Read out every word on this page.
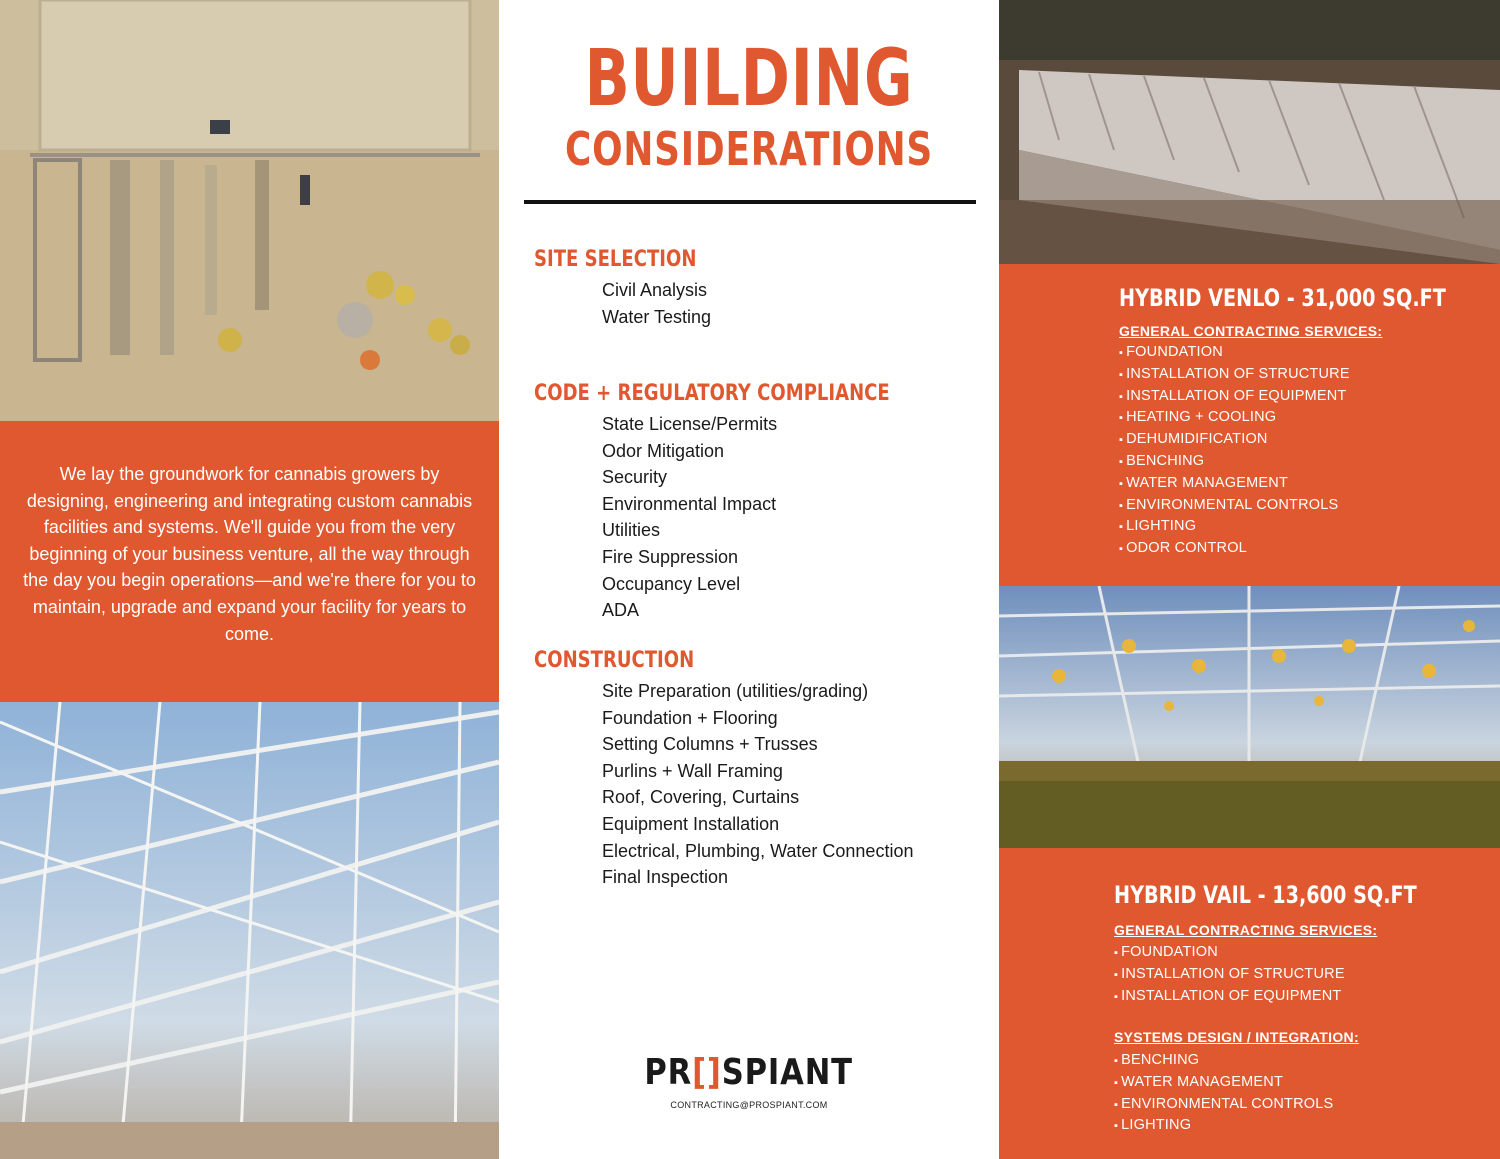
We lay the groundwork for cannabis growers by designing, engineering and integrating custom cannabis facilities and systems. We'll guide you from the very beginning of your business venture, all the way through the day you begin operations—and we're there for you to maintain, upgrade and expand your facility for years to come.

BUILDING
CONSIDERATIONS
SITE SELECTION
Civil Analysis
Water Testing
CODE + REGULATORY COMPLIANCE
State License/Permits
Odor Mitigation
Security
Environmental Impact
Utilities
Fire Suppression
Occupancy Level
ADA
CONSTRUCTION
Site Preparation (utilities/grading)
Foundation + Flooring
Setting Columns + Trusses
Purlins + Wall Framing
Roof, Covering, Curtains
Equipment Installation
Electrical, Plumbing, Water Connection
Final Inspection
PR[]SPIANT
CONTRACTING@PROSPIANT.COM
HYBRID VENLO - 31,000 SQ.FT
GENERAL CONTRACTING SERVICES:
▪ FOUNDATION
▪ INSTALLATION OF STRUCTURE
▪ INSTALLATION OF EQUIPMENT
▪ HEATING + COOLING
▪ DEHUMIDIFICATION
▪ BENCHING
▪ WATER MANAGEMENT
▪ ENVIRONMENTAL CONTROLS
▪ LIGHTING
▪ ODOR CONTROL
HYBRID VAIL - 13,600 SQ.FT
GENERAL CONTRACTING SERVICES:
▪ FOUNDATION
▪ INSTALLATION OF STRUCTURE
▪ INSTALLATION OF EQUIPMENT
SYSTEMS DESIGN / INTEGRATION:
▪ BENCHING
▪ WATER MANAGEMENT
▪ ENVIRONMENTAL CONTROLS
▪ LIGHTING
